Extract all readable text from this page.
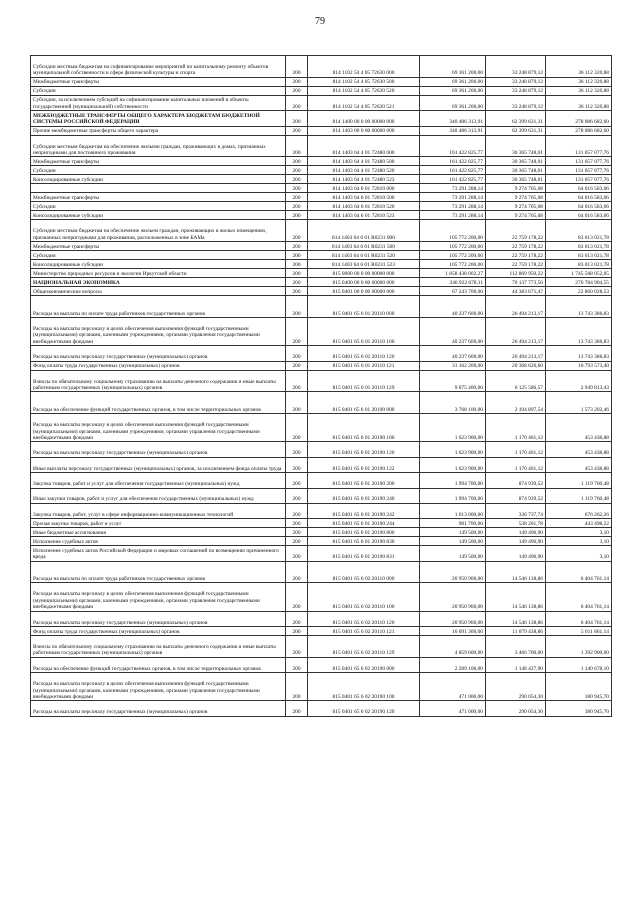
79
Субсидии местным бюджетам на софинансирование мероприятий по капитальному ремонту объектов муниципальной собственности в сфере физической культуры и спорта	200	814 1102 54 4 05 72630 000	69 361 200,00	33 248 879,12	36 112 320,88
Межбюджетные трансферты	200	814 1102 54 4 05 72630 500	69 361 200,00	33 248 879,12	36 112 320,88
Субсидии	200	814 1102 54 4 05 72630 520	69 361 200,00	33 248 879,12	36 112 320,88
Субсидии, за исключением субсидий на софинансирование капитальных вложений в объекты государственной (муниципальной) собственности	200	814 1102 54 4 05 72630 521	69 361 200,00	33 248 879,12	36 112 320,88
МЕЖБЮДЖЕТНЫЕ ТРАНСФЕРТЫ ОБЩЕГО ХАРАКТЕРА БЮДЖЕТАМ БЮДЖЕТНОЙ СИСТЕМЫ РОССИЙСКОЙ ФЕДЕРАЦИИ	200	814 1400 00 0 00 00000 000	340 486 313,91	62 399 631,31	278 086 682,60
Прочие межбюджетные трансферты общего характера	200	814 1403 00 0 00 00000 000	340 486 313,91	62 399 631,31	278 086 682,60
Субсидии местным бюджетам на обеспечение жилыми граждан, проживающих в домах, признанных непригодными для постоянного проживания	200	814 1403 64 4 01 72480 000	161 422 825,77	30 365 748,01	131 057 077,76
Межбюджетные трансферты	200	814 1403 64 4 01 72480 500	161 422 825,77	30 365 748,01	131 057 077,76
Субсидии	200	814 1403 64 4 01 72480 520	161 422 825,77	30 365 748,01	131 057 077,76
Консолидированные субсидии	200	814 1403 64 4 01 72480 523	161 422 825,77	30 365 748,01	131 057 077,76
	200	814 1403 64 6 01 72810 000	73 291 288,14	9 274 705,08	64 016 583,06
Межбюджетные трансферты	200	814 1403 64 6 01 72810 500	73 291 288,14	9 274 705,08	64 016 583,06
Субсидии	200	814 1403 64 6 01 72810 520	73 291 288,14	9 274 705,08	64 016 583,06
Консолидированные субсидии	200	814 1403 64 6 01 72810 523	73 291 288,14	9 274 705,08	64 016 583,06
Субсидии местным бюджетам на обеспечение жильем граждан, проживающих в жилых помещениях, признанных непригодными для проживания, расположенных в зоне БАМа	200	814 1403 64 6 01 R0231 000	105 772 200,00	22 759 178,22	83 013 021,78
Межбюджетные трансферты	200	814 1403 64 6 01 R0231 500	105 772 200,00	22 759 178,22	83 013 021,78
Субсидии	200	814 1403 64 6 01 R0231 520	105 772 200,00	22 759 178,22	83 013 021,78
Консолидированные субсидии	200	814 1403 64 6 01 R0231 523	105 772 200,00	22 759 178,22	83 013 021,78
Министерство природных ресурсов и экологии Иркутской области	200	815 0000 00 0 00 00000 000	1 858 438 002,27	112 869 950,22	1 745 568 052,05
НАЦИОНАЛЬНАЯ ЭКОНОМИКА	200	815 0400 00 0 00 00000 000	346 922 678,11	70 137 773,56	276 784 904,55
Общеэкономические вопросы	200	815 0401 00 0 00 00000 000	67 243 700,00	44 383 671,47	22 860 028,53
Расходы на выплаты по оплате труда работников государственных органов	200	815 0401 65 6 01 20110 000	40 237 600,00	26 494 213,17	13 743 386,83
Расходы на выплаты персоналу в целях обеспечения выполнения функций государственными (муниципальными) органами, казенными учреждениями, органами управления государственными внебюджетными фондами	200	815 0401 65 6 01 20110 100	40 237 600,00	26 494 213,17	13 743 386,83
Расходы на выплаты персоналу государственных (муниципальных) органов	200	815 0401 65 6 01 20110 120	40 237 600,00	26 494 213,17	13 743 386,83
Фонд оплаты труда государственных (муниципальных) органов	200	815 0401 65 6 01 20110 121	31 162 200,00	20 368 626,60	10 793 573,40
Взносы по обязательному социальному страхованию на выплаты денежного содержания и иные выплаты работникам государственных (муниципальных) органов	200	815 0401 65 6 01 20110 129	9 075 400,00	6 125 586,57	2 949 813,43
Расходы на обеспечение функций государственных органов, в том числе территориальных органов	200	815 0401 65 6 01 20190 000	3 768 100,00	2 194 897,54	1 573 202,46
Расходы на выплаты персоналу в целях обеспечения выполнения функций государственными (муниципальными) органами, казенными учреждениями, органами управления государственными внебюджетными фондами	200	815 0401 65 6 01 20190 100	1 623 900,00	1 170 461,12	453 438,88
Расходы на выплаты персоналу государственных (муниципальных) органов	200	815 0401 65 6 01 20190 120	1 623 900,00	1 170 461,12	453 438,88
Иные выплаты персоналу государственных (муниципальных) органов, за исключением фонда оплаты труда	200	815 0401 65 6 01 20190 122	1 623 900,00	1 170 461,12	453 438,88
Закупка товаров, работ и услуг для обеспечения государственных (муниципальных) нужд	200	815 0401 65 6 01 20190 200	1 994 700,00	874 939,52	1 119 760,48
Иные закупки товаров, работ и услуг для обеспечения государственных (муниципальных) нужд	200	815 0401 65 6 01 20190 240	1 994 700,00	874 939,52	1 119 760,48
Закупка товаров, работ, услуг в сфере информационно-коммуникационных технологий	200	815 0401 65 6 01 20190 242	1 013 000,00	336 737,74	676 262,26
Прочая закупка товаров, работ и услуг	200	815 0401 65 6 01 20190 244	981 700,00	538 201,78	443 498,22
Иные бюджетные ассигнования	200	815 0401 65 6 01 20190 800	149 500,00	149 496,90	3,10
Исполнение судебных актов	200	815 0401 65 6 01 20190 830	149 500,00	149 496,90	3,10
Исполнение судебных актов Российской Федерации и мировых соглашений по возмещению причиненного вреда	200	815 0401 65 6 01 20190 831	149 500,00	149 496,90	3,10
Расходы на выплаты по оплате труда работников государственных органов	200	815 0401 65 6 02 20110 000	20 950 900,00	14 546 138,86	6 404 761,14
Расходы на выплаты персоналу в целях обеспечения выполнения функций государственными (муниципальными) органами, казенными учреждениями, органами управления государственными внебюджетными фондами	200	815 0401 65 6 02 20110 100	20 950 900,00	14 546 138,86	6 404 761,14
Расходы на выплаты персоналу государственных (муниципальных) органов	200	815 0401 65 6 02 20110 120	20 950 900,00	14 546 138,86	6 404 761,14
Фонд оплаты труда государственных (муниципальных) органов	200	815 0401 65 6 02 20110 121	16 091 300,00	11 079 438,86	5 011 861,14
Взносы по обязательному социальному страхованию на выплаты денежного содержания и иные выплаты работникам государственных (муниципальных) органов	200	815 0401 65 6 02 20110 129	4 859 600,00	3 466 700,00	1 392 900,00
Расходы на обеспечение функций государственных органов, в том числе территориальных органов	200	815 0401 65 6 02 20190 000	2 289 106,00	1 148 427,90	1 140 678,10
Расходы на выплаты персоналу в целях обеспечения выполнения функций государственными (муниципальными) органами, казенными учреждениями, органами управления государственными внебюджетными фондами	200	815 0401 65 6 02 20190 100	471 000,00	290 054,30	180 945,70
Расходы на выплаты персоналу государственных (муниципальных) органов	200	815 0401 65 6 02 20190 120	471 000,00	290 054,30	180 945,70
